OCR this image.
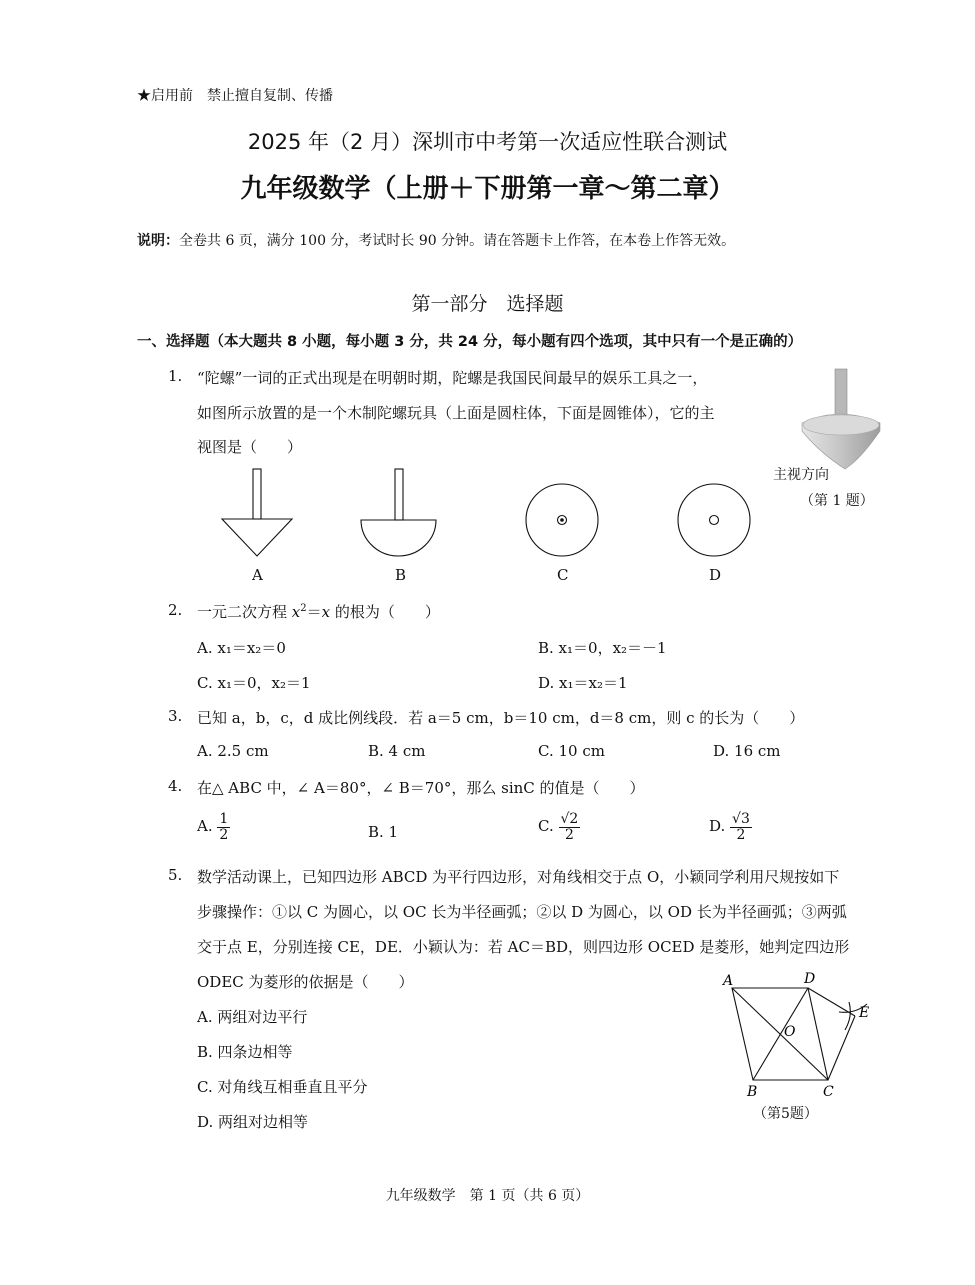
★启用前　禁止擅自复制、传播
2025 年（2 月）深圳市中考第一次适应性联合测试
九年级数学（上册＋下册第一章～第二章）
说明：全卷共 6 页，满分 100 分，考试时长 90 分钟。请在答题卡上作答，在本卷上作答无效。
第一部分　选择题
一、选择题（本大题共 8 小题，每小题 3 分，共 24 分，每小题有四个选项，其中只有一个是正确的）
1. “陀螺”一词的正式出现是在明朝时期，陀螺是我国民间最早的娱乐工具之一，
如图所示放置的是一个木制陀螺玩具（上面是圆柱体，下面是圆锥体），它的主
视图是（　　）
主视方向
（第 1 题）
A	B	C	D
2. 一元二次方程 $x^2=x$ 的根为（　　）
A. x₁＝x₂＝0	B. x₁＝0，x₂＝－1
C. x₁＝0，x₂＝1	D. x₁＝x₂＝1
3. 已知 a，b，c，d 成比例线段．若 a＝5 cm，b＝10 cm，d＝8 cm，则 c 的长为（　　）
A. 2.5 cm	B. 4 cm	C. 10 cm	D. 16 cm
4. 在△ ABC 中，∠ A＝80°，∠ B＝70°，那么 sinC 的值是（　　）
A. $\frac{1}{2}$	B. 1	C. $\frac{√2}{2}$	D. $\frac{√3}{2}$
5. 数学活动课上，已知四边形 ABCD 为平行四边形，对角线相交于点 O，小颖同学利用尺规按如下
步骤操作：①以 C 为圆心，以 OC 长为半径画弧；②以 D 为圆心，以 OD 长为半径画弧；③两弧
交于点 E，分别连接 CE，DE．小颖认为：若 AC＝BD，则四边形 OCED 是菱形，她判定四边形
ODEC 为菱形的依据是（　　）
A. 两组对边平行
B. 四条边相等
C. 对角线互相垂直且平分
D. 两组对边相等
A	D
O
E
B	C
（第5题）
九年级数学　第 1 页（共 6 页）
